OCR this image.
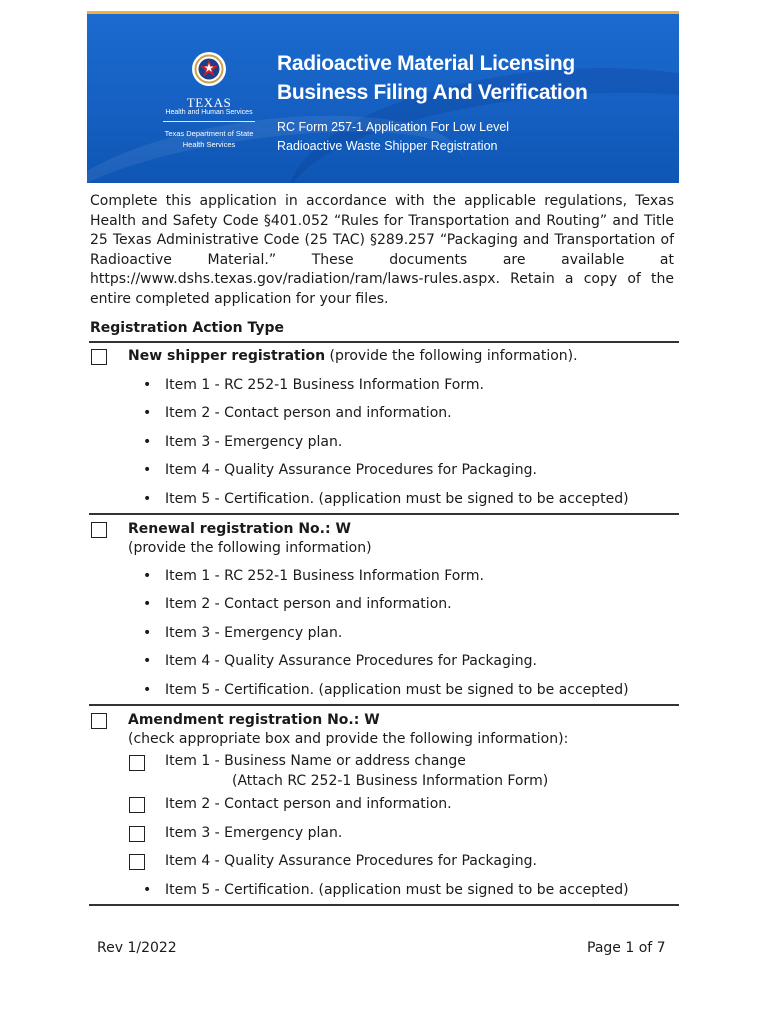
TEXAS
Health and Human Services
Texas Department of State
Health Services
Radioactive Material Licensing
Business Filing And Verification
RC Form 257-1 Application For Low Level
Radioactive Waste Shipper Registration

Complete this application in accordance with the applicable regulations, Texas Health and Safety Code §401.052 “Rules for Transportation and Routing” and Title 25 Texas Administrative Code (25 TAC) §289.257 “Packaging and Transportation of Radioactive Material.” These documents are available at https://www.dshs.texas.gov/radiation/ram/laws-rules.aspx. Retain a copy of the entire completed application for your files.

Registration Action Type

New shipper registration (provide the following information).
• Item 1 - RC 252-1 Business Information Form.
• Item 2 - Contact person and information.
• Item 3 - Emergency plan.
• Item 4 - Quality Assurance Procedures for Packaging.
• Item 5 - Certification. (application must be signed to be accepted)
Renewal registration No.: W
(provide the following information)
• Item 1 - RC 252-1 Business Information Form.
• Item 2 - Contact person and information.
• Item 3 - Emergency plan.
• Item 4 - Quality Assurance Procedures for Packaging.
• Item 5 - Certification. (application must be signed to be accepted)
Amendment registration No.: W
(check appropriate box and provide the following information):
Item 1 - Business Name or address change
(Attach RC 252-1 Business Information Form)
Item 2 - Contact person and information.
Item 3 - Emergency plan.
Item 4 - Quality Assurance Procedures for Packaging.
• Item 5 - Certification. (application must be signed to be accepted)
Rev 1/2022	Page 1 of 7
